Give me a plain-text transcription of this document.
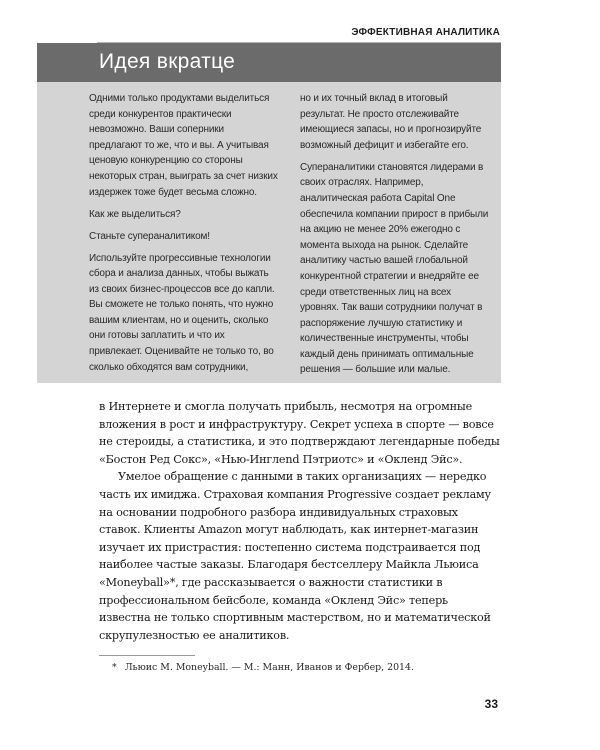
ЭФФЕКТИВНАЯ АНАЛИТИКА
Идея вкратце

Одними только продуктами выделиться среди конкурентов практически невозможно. Ваши соперники предлагают то же, что и вы. А учитывая ценовую конкуренцию со стороны некоторых стран, выиграть за счет низких издержек тоже будет весьма сложно.

Как же выделиться?

Станьте супераналитиком!

Используйте прогрессивные технологии сбора и анализа данных, чтобы выжать из своих бизнес-процессов все до капли. Вы сможете не только понять, что нужно вашим клиентам, но и оценить, сколько они готовы заплатить и что их привлекает. Оценивайте не только то, во сколько обходятся вам сотрудники,

но и их точный вклад в итоговый результат. Не просто отслеживайте имеющиеся запасы, но и прогнозируйте возможный дефицит и избегайте его.

Супераналитики становятся лидерами в своих отраслях. Например, аналитическая работа Capital One обеспечила компании прирост в прибыли на акцию не менее 20% ежегодно с момента выхода на рынок. Сделайте аналитику частью вашей глобальной конкурентной стратегии и внедряйте ее среди ответственных лиц на всех уровнях. Так ваши сотрудники получат в распоряжение лучшую статистику и количественные инструменты, чтобы каждый день принимать оптимальные решения — большие или малые.

в Интернете и смогла получать прибыль, несмотря на огромные вложения в рост и инфраструктуру. Секрет успеха в спорте — вовсе не стероиды, а статистика, и это подтверждают легендарные победы «Бостон Ред Сокс», «Нью-Инглend Пэтриотс» и «Окленд Эйс».

Умелое обращение с данными в таких организациях — нередко часть их имиджа. Страховая компания Progressive создает рекламу на основании подробного разбора индивидуальных страховых ставок. Клиенты Amazon могут наблюдать, как интернет-магазин изучает их пристрастия: постепенно система подстраивается под наиболее частые заказы. Благодаря бестселлеру Майкла Льюиса «Moneyball»*, где рассказывается о важности статистики в профессиональном бейсболе, команда «Окленд Эйс» теперь известна не только спортивным мастерством, но и математической скрупулезностью ее аналитиков.

* Льюис М. Moneyball. — М.: Манн, Иванов и Фербер, 2014.
33
